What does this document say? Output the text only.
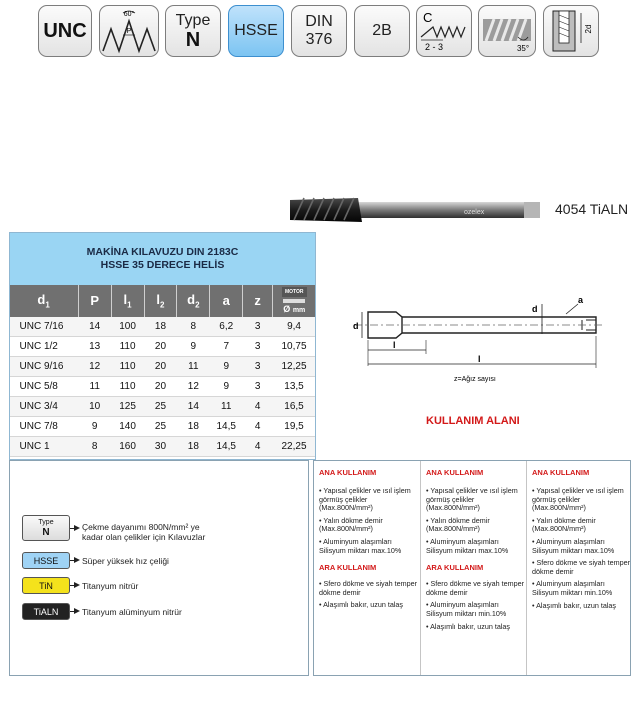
UNC
60°
P
Type
N HSSE
DIN
376
2B
C
2 - 3	35°
2d
ozelex	4054 TiALN
MAKİNA KILAVUZU DIN 2183C
HSSE 35 DERECE HELİS							

$d_1$	P	$l_1$	$l_2$	$d_2$	a	z	MOTOR
Ø mm

UNC 7/16	14	100	18	8	6,2	3	9,4
UNC 1/2	13	110	20	9	7	3	10,75
UNC 9/16	12	110	20	11	9	3	12,25
UNC 5/8	11	110	20	12	9	3	13,5
UNC 3/4	10	125	25	14	11	4	16,5
UNC 7/8	9	140	25	18	14,5	4	19,5
UNC 1	8	160	30	18	14,5	4	22,25
d
d
a
l
l
z=Ağız sayısı
KULLANIM ALANI
Type
N	Çekme dayanımı 800N/mm² ye
kadar olan çelikler için Kılavuzlar
HSSE	Süper yüksek hız çeliği
TiN	Titanyum nitrür
TiALN	Titanyum alüminyum nitrür
ANA KULLANIM
• Yapısal çelikler ve ısıl işlem görmüş çelikler (Max.800N/mm²)
• Yalın dökme demir (Max.800N/mm²)
• Aluminyum alaşımları Silisyum miktarı max.10%
ARA KULLANIM
• Sfero dökme ve siyah temper dökme demir
• Alaşımlı bakır, uzun talaş
ANA KULLANIM
• Yapısal çelikler ve ısıl işlem görmüş çelikler (Max.800N/mm²)
• Yalın dökme demir (Max.800N/mm²)
• Aluminyum alaşımları Silisyum miktarı max.10%
ARA KULLANIM
• Sfero dökme ve siyah temper dökme demir
• Aluminyum alaşımları Silisyum miktarı min.10%
• Alaşımlı bakır, uzun talaş
ANA KULLANIM
• Yapısal çelikler ve ısıl işlem görmüş çelikler (Max.800N/mm²)
• Yalın dökme demir (Max.800N/mm²)
• Aluminyum alaşımları Silisyum miktarı max.10%
• Sfero dökme ve siyah temper dökme demir
• Aluminyum alaşımları Silisyum miktarı min.10%
• Alaşımlı bakır, uzun talaş
